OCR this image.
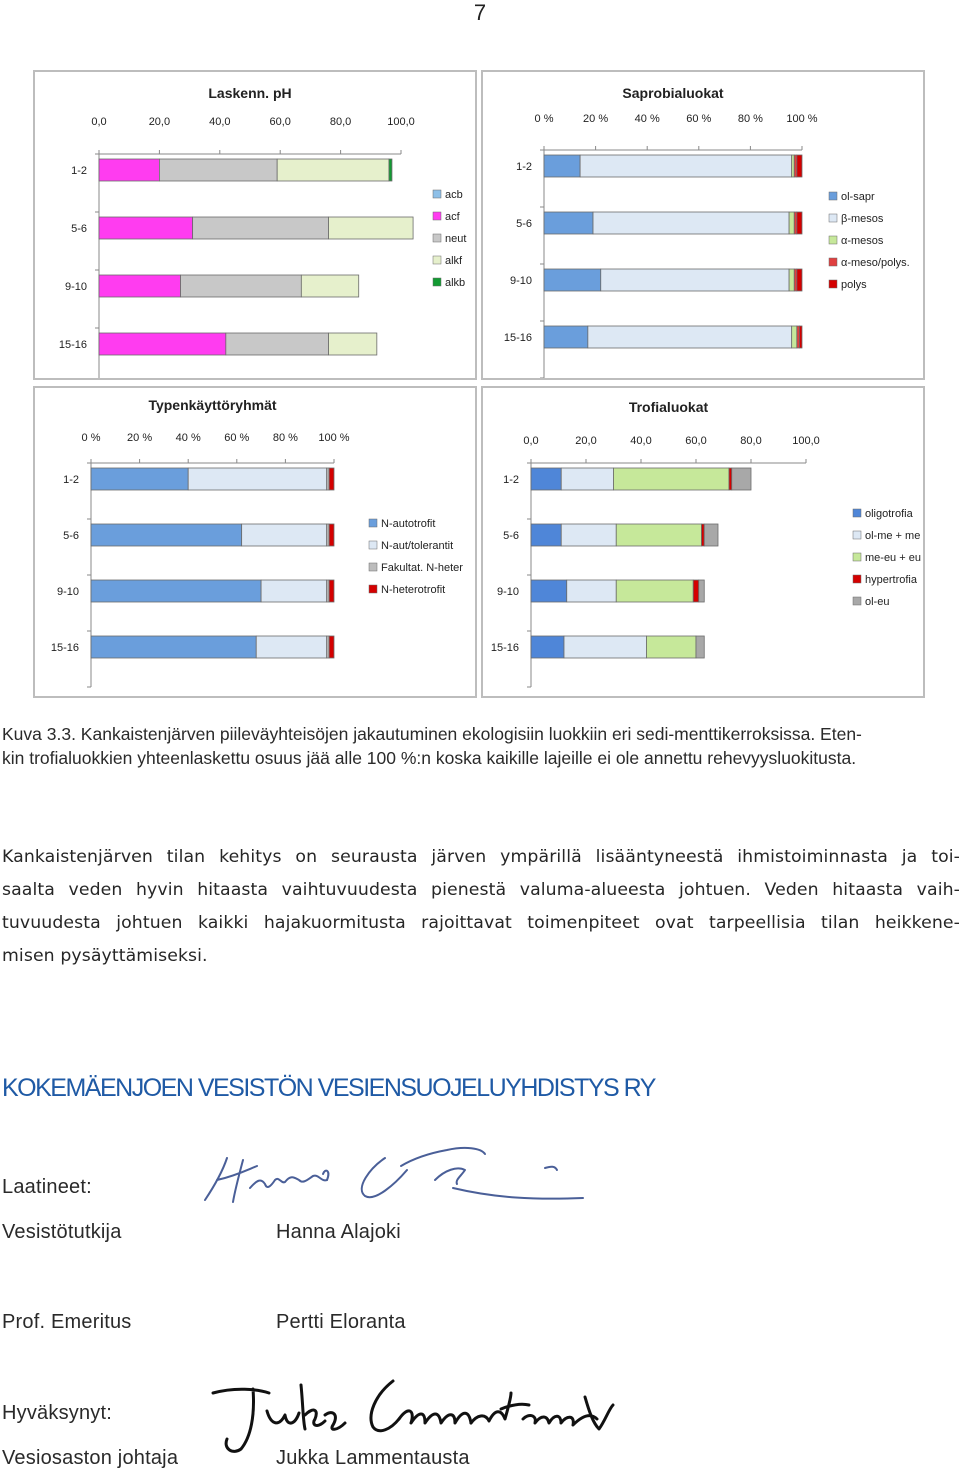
7
Laskenn. pH
0,0	20,0	40,0	60,0	80,0	100,0
1-2
5-6
9-10
15-16
acb
acf
neut
alkf
alkb
Saprobialuokat
0 %	20 % 40 % 60 % 80 % 100 %
1-2
5-6
9-10
15-16
ol-sapr
β-mesos
α-mesos
α-meso/polys.
polys
Typenkäyttöryhmät
0 % 20 % 40 % 60 % 80 % 100 %
1-2
5-6
9-10
15-16
N-autotrofit
N-aut/tolerantit
Fakultat. N-heter
N-heterotrofit
Trofialuokat
0,0	20,0	40,0	60,0	80,0	100,0
1-2
5-6
9-10
15-16
oligotrofia
ol-me + me
me-eu + eu
hypertrofia
ol-eu
Kuva 3.3. Kankaistenjärven piileväyhteisöjen jakautuminen ekologisiin luokkiin eri sedi-menttikerroksissa. Eten-
kin trofialuokkien yhteenlaskettu osuus jää alle 100 %:n koska kaikille lajeille ei ole annettu rehevyysluokitusta.
Kankaistenjärven tilan kehitys on seurausta järven ympärillä lisääntyneestä ihmistoiminnasta ja toi-
saalta veden hyvin hitaasta vaihtuvuudesta pienestä valuma-alueesta johtuen. Veden hitaasta vaih-
tuvuudesta johtuen kaikki hajakuormitusta rajoittavat toimenpiteet ovat tarpeellisia tilan heikkene-
misen pysäyttämiseksi.
KOKEMÄENJOEN VESISTÖN VESIENSUOJELUYHDISTYS RY
Laatineet:
Vesistötutkija	Hanna Alajoki
Prof. Emeritus	Pertti Eloranta
Hyväksynyt:
Vesiosaston johtaja	Jukka Lammentausta
